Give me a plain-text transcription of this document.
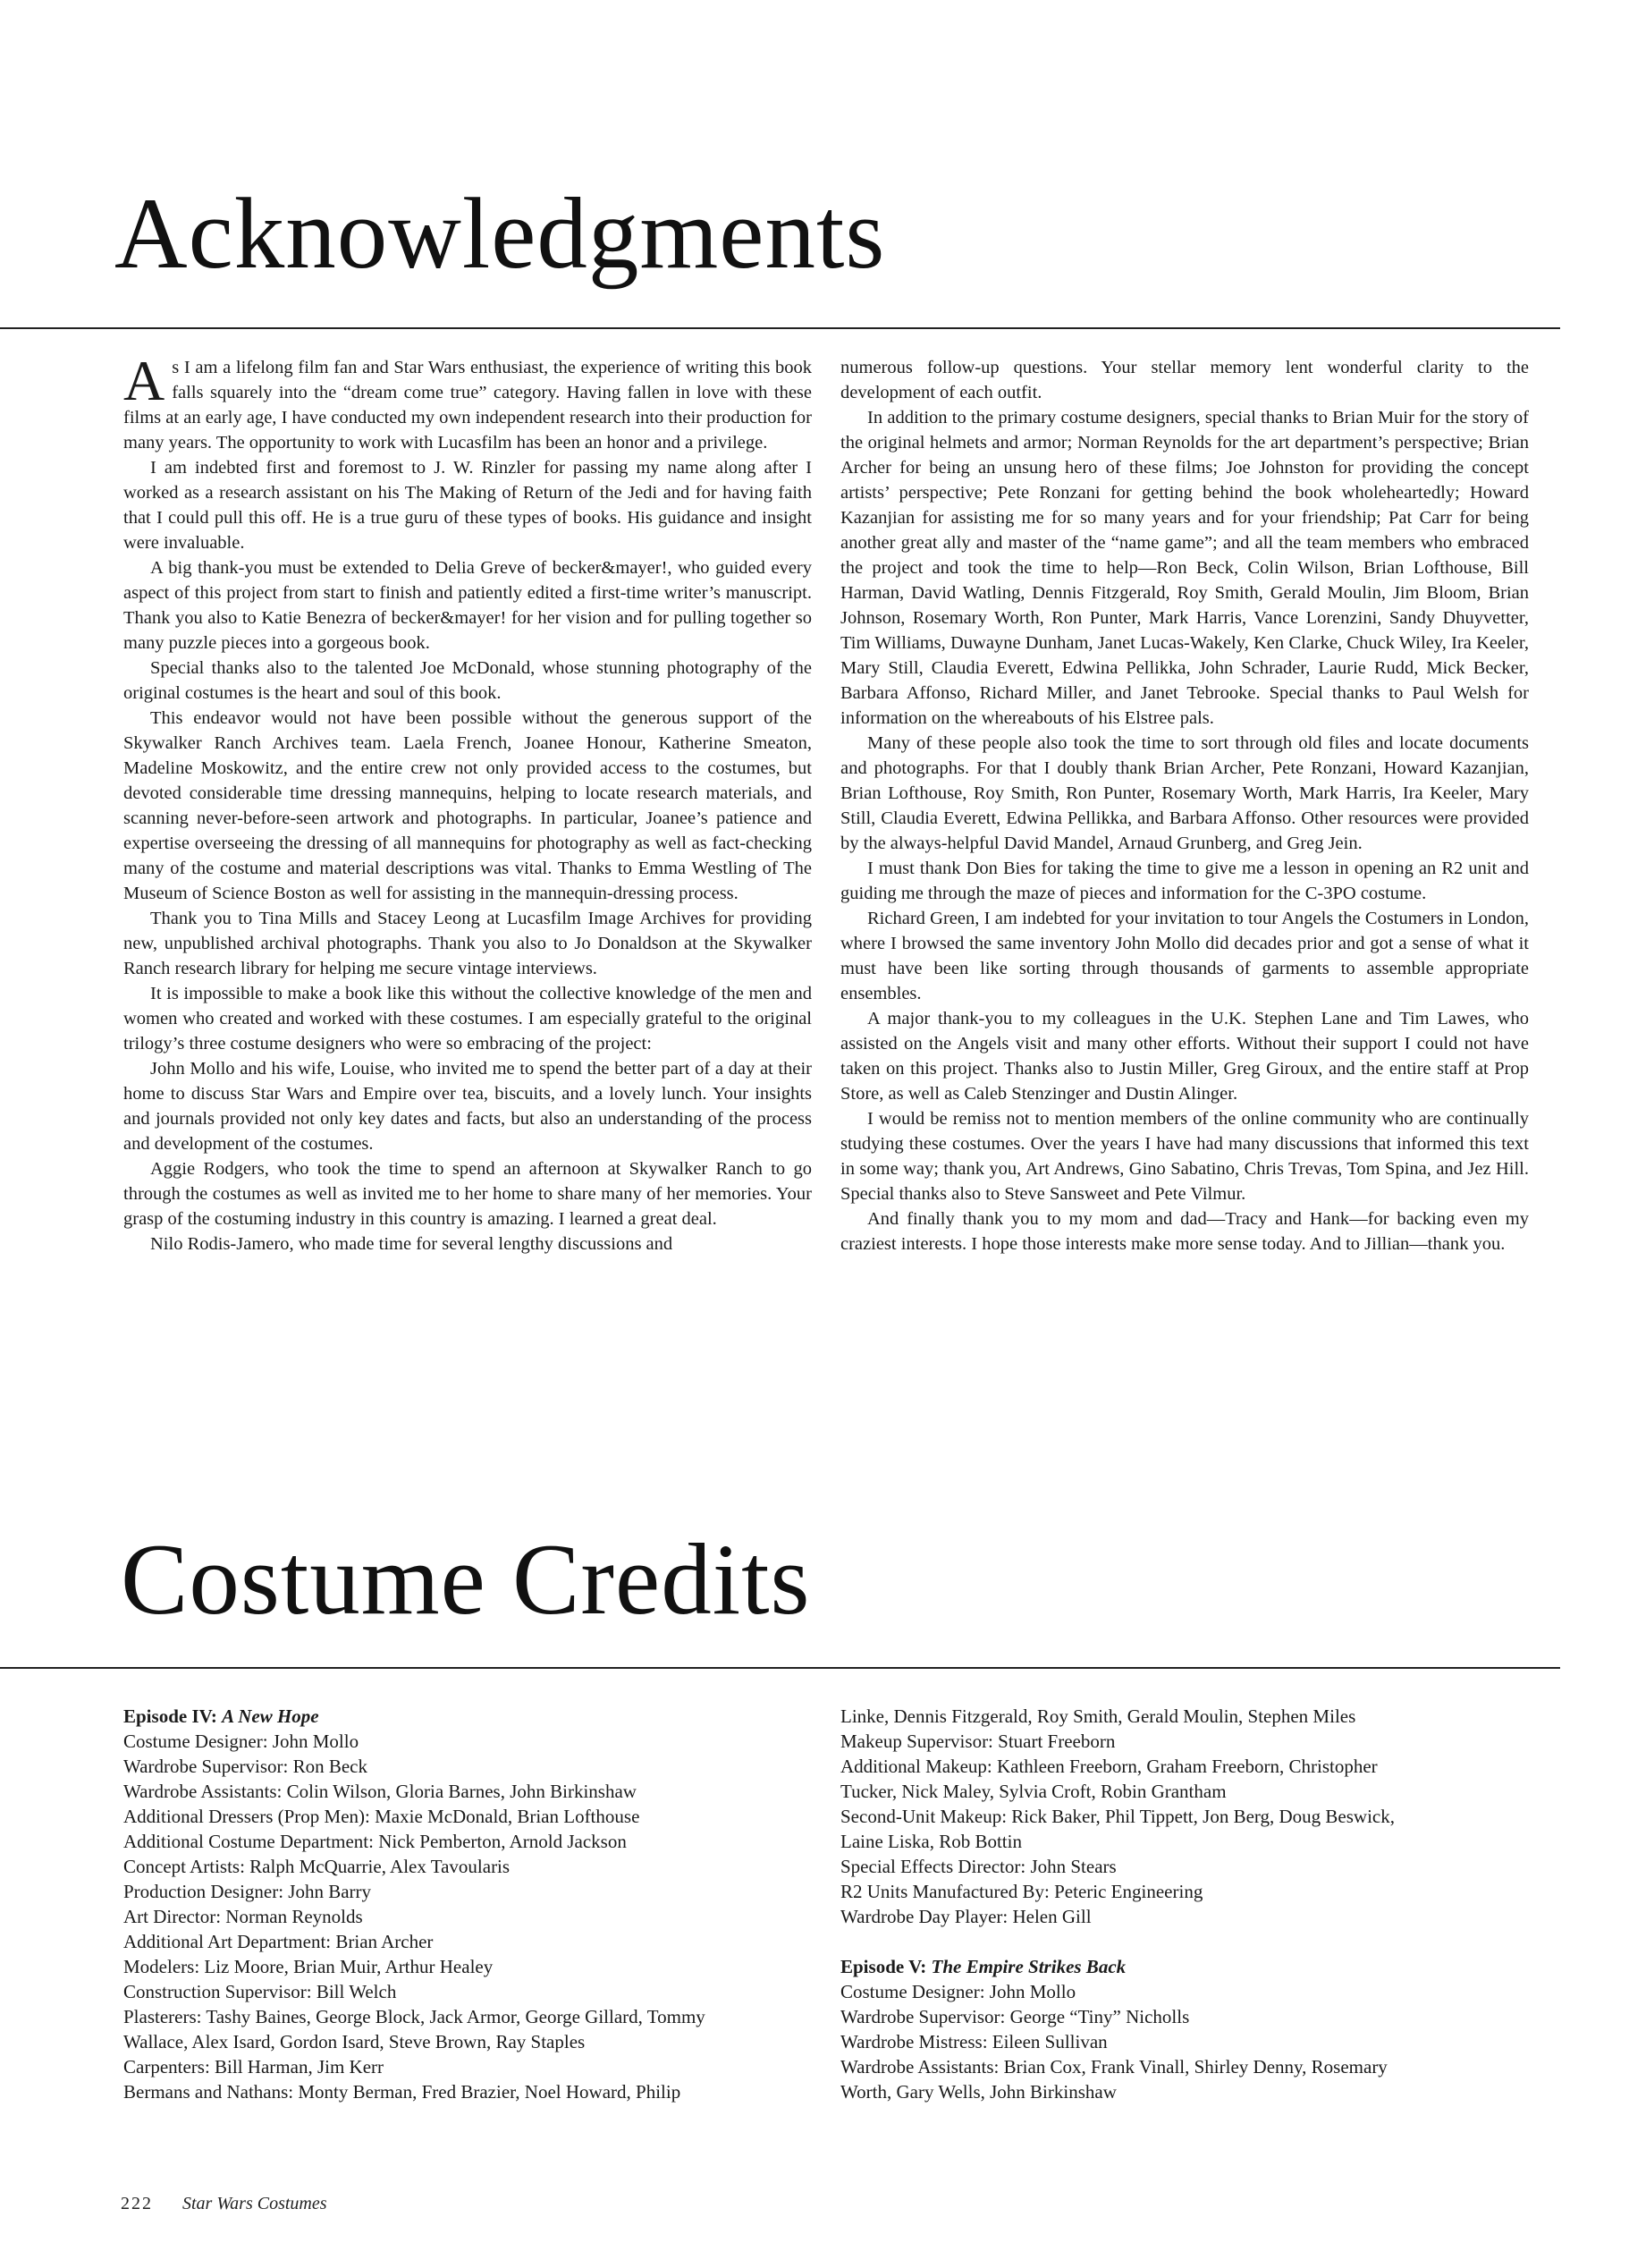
Acknowledgments

As I am a lifelong film fan and Star Wars enthusiast, the experience of writing this book falls squarely into the “dream come true” category. Having fallen in love with these films at an early age, I have conducted my own independent research into their production for many years. The opportunity to work with Lucasfilm has been an honor and a privilege.

I am indebted first and foremost to J. W. Rinzler for passing my name along after I worked as a research assistant on his The Making of Return of the Jedi and for having faith that I could pull this off. He is a true guru of these types of books. His guidance and insight were invaluable.

A big thank-you must be extended to Delia Greve of becker&mayer!, who guided every aspect of this project from start to finish and patiently edited a first-time writer’s manuscript. Thank you also to Katie Benezra of becker&mayer! for her vision and for pulling together so many puzzle pieces into a gorgeous book.

Special thanks also to the talented Joe McDonald, whose stunning photography of the original costumes is the heart and soul of this book.

This endeavor would not have been possible without the generous support of the Skywalker Ranch Archives team. Laela French, Joanee Honour, Katherine Smeaton, Madeline Moskowitz, and the entire crew not only provided access to the costumes, but devoted considerable time dressing mannequins, helping to locate research materials, and scanning never-before-seen artwork and photographs. In particular, Joanee’s patience and expertise overseeing the dressing of all mannequins for photography as well as fact-checking many of the costume and material descriptions was vital. Thanks to Emma Westling of The Museum of Science Boston as well for assisting in the mannequin-dressing process.

Thank you to Tina Mills and Stacey Leong at Lucasfilm Image Archives for providing new, unpublished archival photographs. Thank you also to Jo Donaldson at the Skywalker Ranch research library for helping me secure vintage interviews.

It is impossible to make a book like this without the collective knowledge of the men and women who created and worked with these costumes. I am especially grateful to the original trilogy’s three costume designers who were so embracing of the project:

John Mollo and his wife, Louise, who invited me to spend the better part of a day at their home to discuss Star Wars and Empire over tea, biscuits, and a lovely lunch. Your insights and journals provided not only key dates and facts, but also an understanding of the process and development of the costumes.

Aggie Rodgers, who took the time to spend an afternoon at Skywalker Ranch to go through the costumes as well as invited me to her home to share many of her memories. Your grasp of the costuming industry in this country is amazing. I learned a great deal.

Nilo Rodis-Jamero, who made time for several lengthy discussions and

numerous follow-up questions. Your stellar memory lent wonderful clarity to the development of each outfit.

In addition to the primary costume designers, special thanks to Brian Muir for the story of the original helmets and armor; Norman Reynolds for the art department’s perspective; Brian Archer for being an unsung hero of these films; Joe Johnston for providing the concept artists’ perspective; Pete Ronzani for getting behind the book wholeheartedly; Howard Kazanjian for assisting me for so many years and for your friendship; Pat Carr for being another great ally and master of the “name game”; and all the team members who embraced the project and took the time to help—Ron Beck, Colin Wilson, Brian Lofthouse, Bill Harman, David Watling, Dennis Fitzgerald, Roy Smith, Gerald Moulin, Jim Bloom, Brian Johnson, Rosemary Worth, Ron Punter, Mark Harris, Vance Lorenzini, Sandy Dhuyvetter, Tim Williams, Duwayne Dunham, Janet Lucas-Wakely, Ken Clarke, Chuck Wiley, Ira Keeler, Mary Still, Claudia Everett, Edwina Pellikka, John Schrader, Laurie Rudd, Mick Becker, Barbara Affonso, Richard Miller, and Janet Tebrooke. Special thanks to Paul Welsh for information on the whereabouts of his Elstree pals.

Many of these people also took the time to sort through old files and locate documents and photographs. For that I doubly thank Brian Archer, Pete Ronzani, Howard Kazanjian, Brian Lofthouse, Roy Smith, Ron Punter, Rosemary Worth, Mark Harris, Ira Keeler, Mary Still, Claudia Everett, Edwina Pellikka, and Barbara Affonso. Other resources were provided by the always-helpful David Mandel, Arnaud Grunberg, and Greg Jein.

I must thank Don Bies for taking the time to give me a lesson in opening an R2 unit and guiding me through the maze of pieces and information for the C-3PO costume.

Richard Green, I am indebted for your invitation to tour Angels the Costumers in London, where I browsed the same inventory John Mollo did decades prior and got a sense of what it must have been like sorting through thousands of garments to assemble appropriate ensembles.

A major thank-you to my colleagues in the U.K. Stephen Lane and Tim Lawes, who assisted on the Angels visit and many other efforts. Without their support I could not have taken on this project. Thanks also to Justin Miller, Greg Giroux, and the entire staff at Prop Store, as well as Caleb Stenzinger and Dustin Alinger.

I would be remiss not to mention members of the online community who are continually studying these costumes. Over the years I have had many discussions that informed this text in some way; thank you, Art Andrews, Gino Sabatino, Chris Trevas, Tom Spina, and Jez Hill. Special thanks also to Steve Sansweet and Pete Vilmur.

And finally thank you to my mom and dad—Tracy and Hank—for backing even my craziest interests. I hope those interests make more sense today. And to Jillian—thank you.

Costume Credits
Episode IV: A New Hope
Costume Designer: John Mollo
Wardrobe Supervisor: Ron Beck
Wardrobe Assistants: Colin Wilson, Gloria Barnes, John Birkinshaw
Additional Dressers (Prop Men): Maxie McDonald, Brian Lofthouse
Additional Costume Department: Nick Pemberton, Arnold Jackson
Concept Artists: Ralph McQuarrie, Alex Tavoularis
Production Designer: John Barry
Art Director: Norman Reynolds
Additional Art Department: Brian Archer
Modelers: Liz Moore, Brian Muir, Arthur Healey
Construction Supervisor: Bill Welch
Plasterers: Tashy Baines, George Block, Jack Armor, George Gillard, Tommy
Wallace, Alex Isard, Gordon Isard, Steve Brown, Ray Staples
Carpenters: Bill Harman, Jim Kerr
Bermans and Nathans: Monty Berman, Fred Brazier, Noel Howard, Philip
Linke, Dennis Fitzgerald, Roy Smith, Gerald Moulin, Stephen Miles
Makeup Supervisor: Stuart Freeborn
Additional Makeup: Kathleen Freeborn, Graham Freeborn, Christopher
Tucker, Nick Maley, Sylvia Croft, Robin Grantham
Second-Unit Makeup: Rick Baker, Phil Tippett, Jon Berg, Doug Beswick,
Laine Liska, Rob Bottin
Special Effects Director: John Stears
R2 Units Manufactured By: Peteric Engineering
Wardrobe Day Player: Helen Gill
Episode V: The Empire Strikes Back
Costume Designer: John Mollo
Wardrobe Supervisor: George “Tiny” Nicholls
Wardrobe Mistress: Eileen Sullivan
Wardrobe Assistants: Brian Cox, Frank Vinall, Shirley Denny, Rosemary
Worth, Gary Wells, John Birkinshaw
222 Star Wars Costumes
